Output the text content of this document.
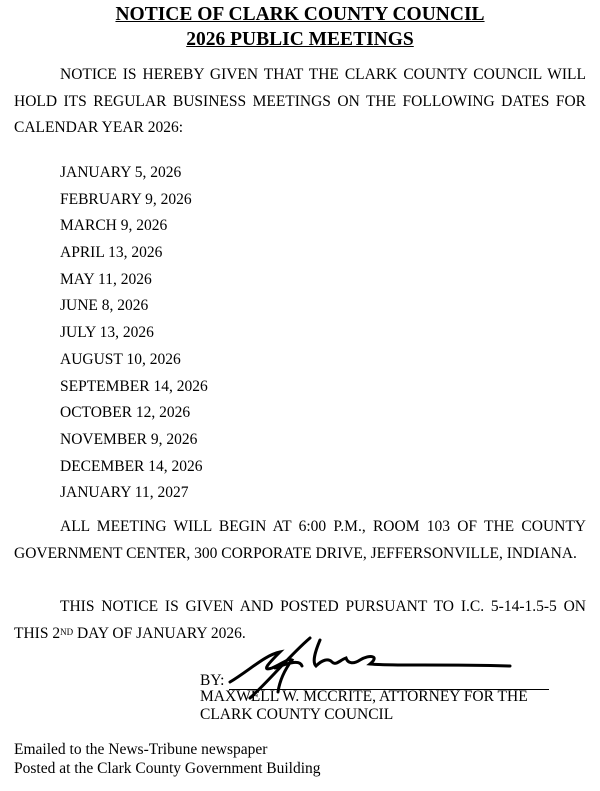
NOTICE OF CLARK COUNTY COUNCIL
2026 PUBLIC MEETINGS
NOTICE IS HEREBY GIVEN THAT THE CLARK COUNTY COUNCIL WILL HOLD ITS REGULAR BUSINESS MEETINGS ON THE FOLLOWING DATES FOR CALENDAR YEAR 2026:
JANUARY 5, 2026
FEBRUARY 9, 2026
MARCH 9, 2026
APRIL 13, 2026
MAY 11, 2026
JUNE 8, 2026
JULY 13, 2026
AUGUST 10, 2026
SEPTEMBER 14, 2026
OCTOBER 12, 2026
NOVEMBER 9, 2026
DECEMBER 14, 2026
JANUARY 11, 2027
ALL MEETING WILL BEGIN AT 6:00 P.M., ROOM 103 OF THE COUNTY GOVERNMENT CENTER, 300 CORPORATE DRIVE, JEFFERSONVILLE, INDIANA.
THIS NOTICE IS GIVEN AND POSTED PURSUANT TO I.C. 5-14-1.5-5 ON THIS 2ND DAY OF JANUARY 2026.
BY:
MAXWELL W. MCCRITE, ATTORNEY FOR THE
CLARK COUNTY COUNCIL
Emailed to the News-Tribune newspaper
Posted at the Clark County Government Building
